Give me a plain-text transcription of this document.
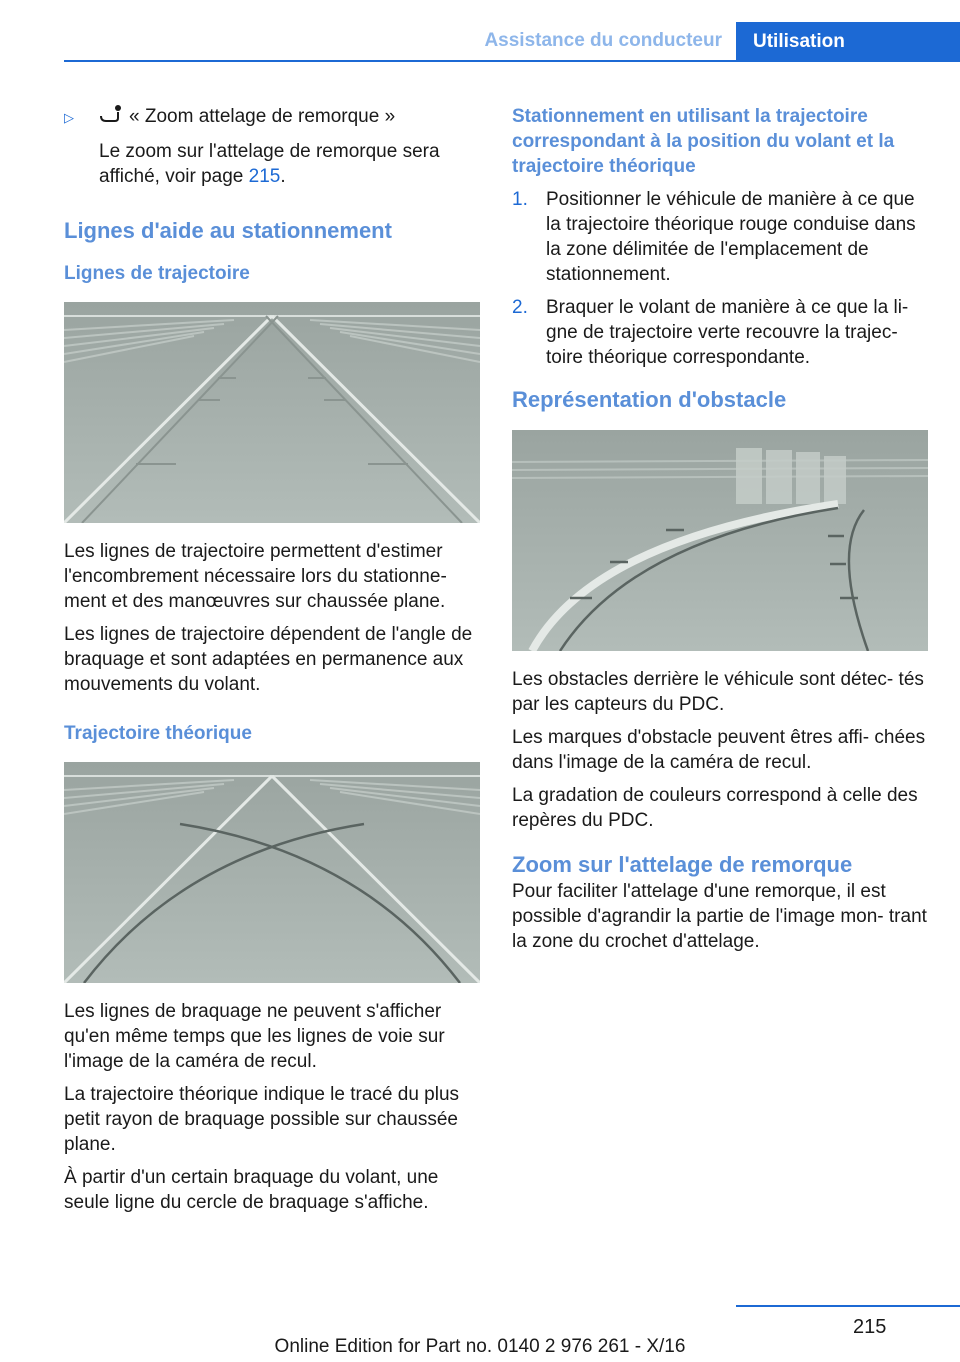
Assistance du conducteur	Utilisation
▷	« Zoom attelage de remorque »

Le zoom sur l'attelage de remorque sera affiché, voir page 215.

Lignes d'aide au stationnement
Lignes de trajectoire

Les lignes de trajectoire permettent d'estimer l'encombrement nécessaire lors du stationne‐ ment et des manœuvres sur chaussée plane.

Les lignes de trajectoire dépendent de l'angle de braquage et sont adaptées en permanence aux mouvements du volant.

Trajectoire théorique

Les lignes de braquage ne peuvent s'afficher qu'en même temps que les lignes de voie sur l'image de la caméra de recul.

La trajectoire théorique indique le tracé du plus petit rayon de braquage possible sur chaussée plane.

À partir d'un certain braquage du volant, une seule ligne du cercle de braquage s'affiche.

Stationnement en utilisant la trajectoire correspondant à la position du volant et la trajectoire théorique
1. Positionner le véhicule de manière à ce que la trajectoire théorique rouge conduise dans la zone délimitée de l'emplacement de stationnement.
2. Braquer le volant de manière à ce que la li‐ gne de trajectoire verte recouvre la trajec‐ toire théorique correspondante.
Représentation d'obstacle

Les obstacles derrière le véhicule sont détec‐ tés par les capteurs du PDC.

Les marques d'obstacle peuvent êtres affi‐ chées dans l'image de la caméra de recul.

La gradation de couleurs correspond à celle des repères du PDC.

Zoom sur l'attelage de remorque

Pour faciliter l'attelage d'une remorque, il est possible d'agrandir la partie de l'image mon‐ trant la zone du crochet d'attelage.

215
Online Edition for Part no. 0140 2 976 261 - X/16
